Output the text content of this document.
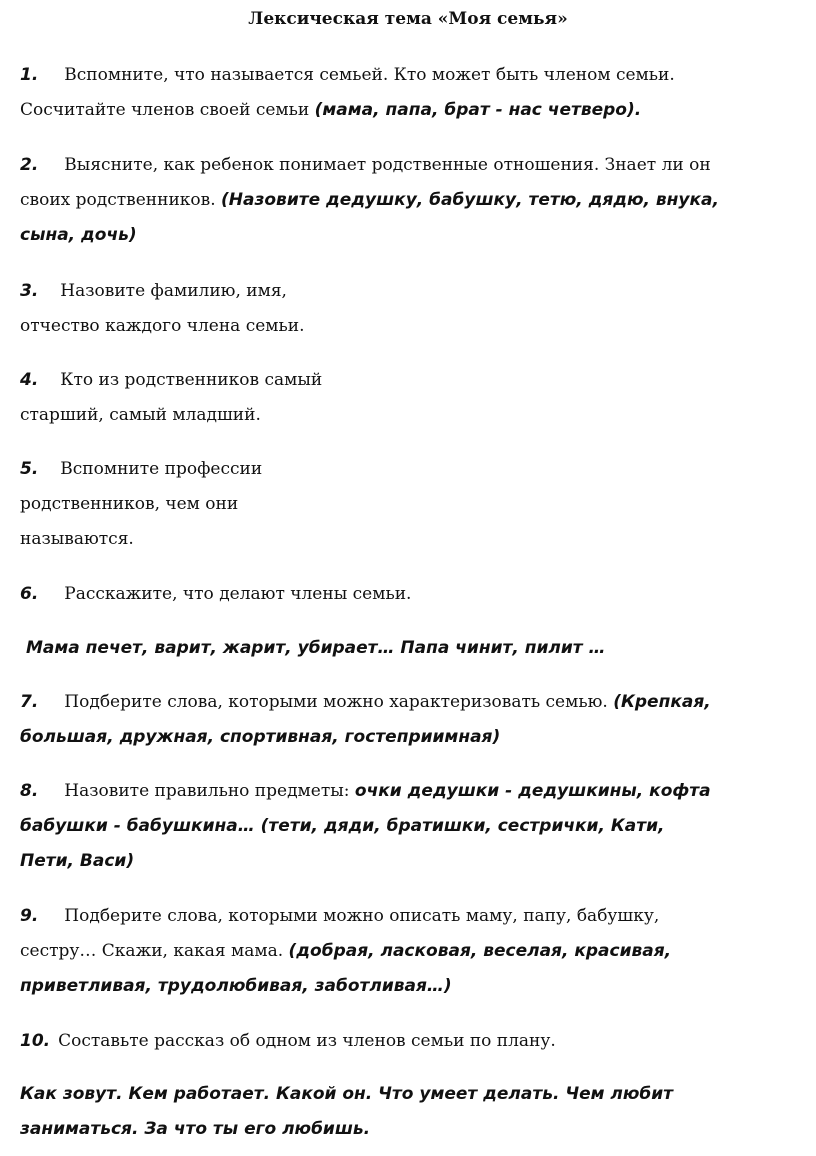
Лексическая тема «Моя семья»
1. Вспомните, что называется семьей. Кто может быть членом семьи.
Сосчитайте членов своей семьи (мама, папа, брат - нас четверо).
2. Выясните, как ребенок понимает родственные отношения. Знает ли он
своих родственников. (Назовите дедушку, бабушку, тетю, дядю, внука,
сына, дочь)
3. Назовите фамилию, имя,
отчество каждого члена семьи.
4. Кто из родственников самый
старший, самый младший.
5. Вспомните профессии
родственников, чем они
называются.
6. Расскажите, что делают члены семьи.
Мама печет, варит, жарит, убирает… Папа чинит, пилит …
7. Подберите слова, которыми можно характеризовать семью. (Крепкая,
большая, дружная, спортивная, гостеприимная)
8. Назовите правильно предметы: очки дедушки - дедушкины, кофта
бабушки - бабушкина… (тети, дяди, братишки, сестрички, Кати,
Пети, Васи)
9. Подберите слова, которыми можно описать маму, папу, бабушку,
сестру… Скажи, какая мама. (добрая, ласковая, веселая, красивая,
приветливая, трудолюбивая, заботливая…)
10. Составьте рассказ об одном из членов семьи по плану.
Как зовут. Кем работает. Какой он. Что умеет делать. Чем любит
заниматься. За что ты его любишь.
